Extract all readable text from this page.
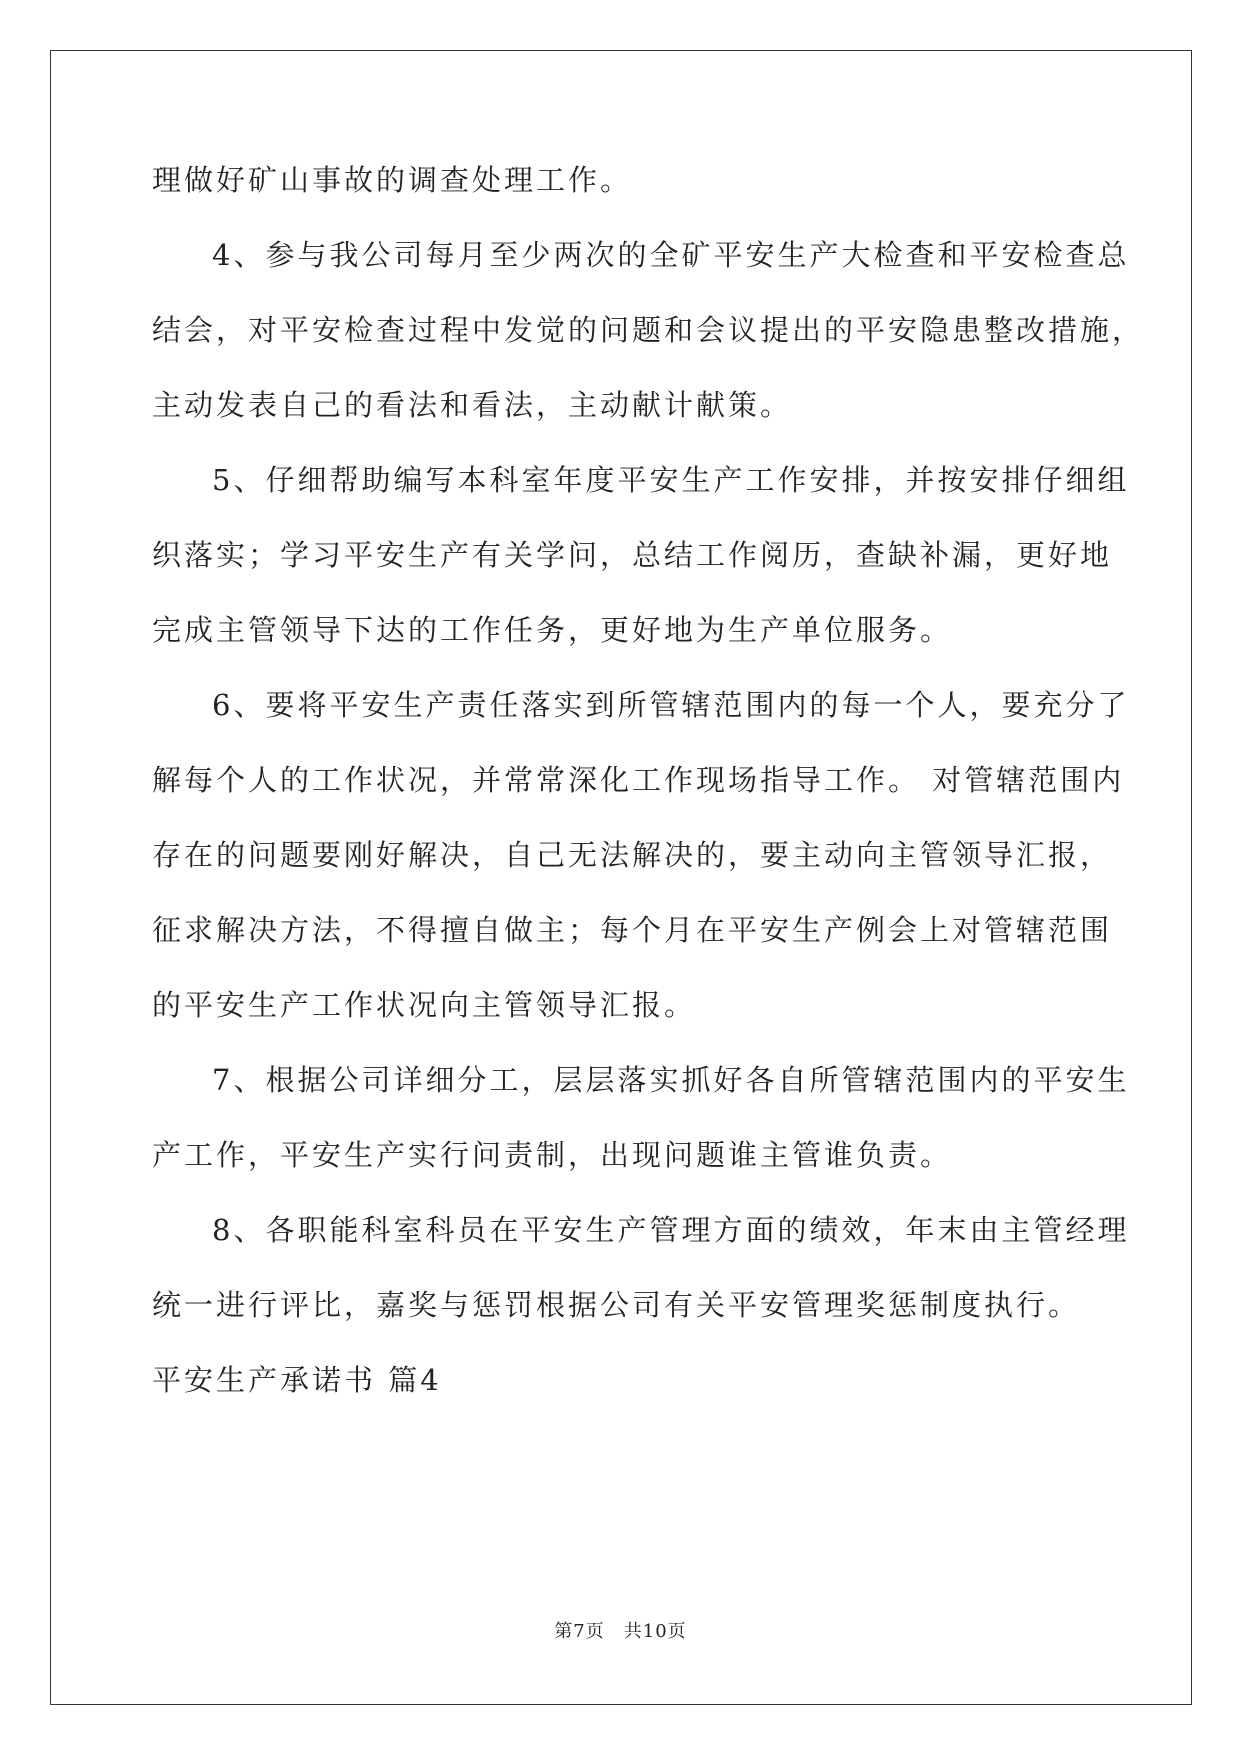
理做好矿山事故的调查处理工作。
4、参与我公司每月至少两次的全矿平安生产大检查和平安检查总
结会，对平安检查过程中发觉的问题和会议提出的平安隐患整改措施，
主动发表自己的看法和看法，主动献计献策。
5、仔细帮助编写本科室年度平安生产工作安排，并按安排仔细组
织落实；学习平安生产有关学问，总结工作阅历，查缺补漏，更好地
完成主管领导下达的工作任务，更好地为生产单位服务。
6、要将平安生产责任落实到所管辖范围内的每一个人，要充分了
解每个人的工作状况，并常常深化工作现场指导工作。 对管辖范围内
存在的问题要刚好解决，自己无法解决的，要主动向主管领导汇报，
征求解决方法，不得擅自做主；每个月在平安生产例会上对管辖范围
的平安生产工作状况向主管领导汇报。
7、根据公司详细分工，层层落实抓好各自所管辖范围内的平安生
产工作，平安生产实行问责制，出现问题谁主管谁负责。
8、各职能科室科员在平安生产管理方面的绩效，年末由主管经理
统一进行评比，嘉奖与惩罚根据公司有关平安管理奖惩制度执行。
平安生产承诺书 篇4
第7页　共10页
